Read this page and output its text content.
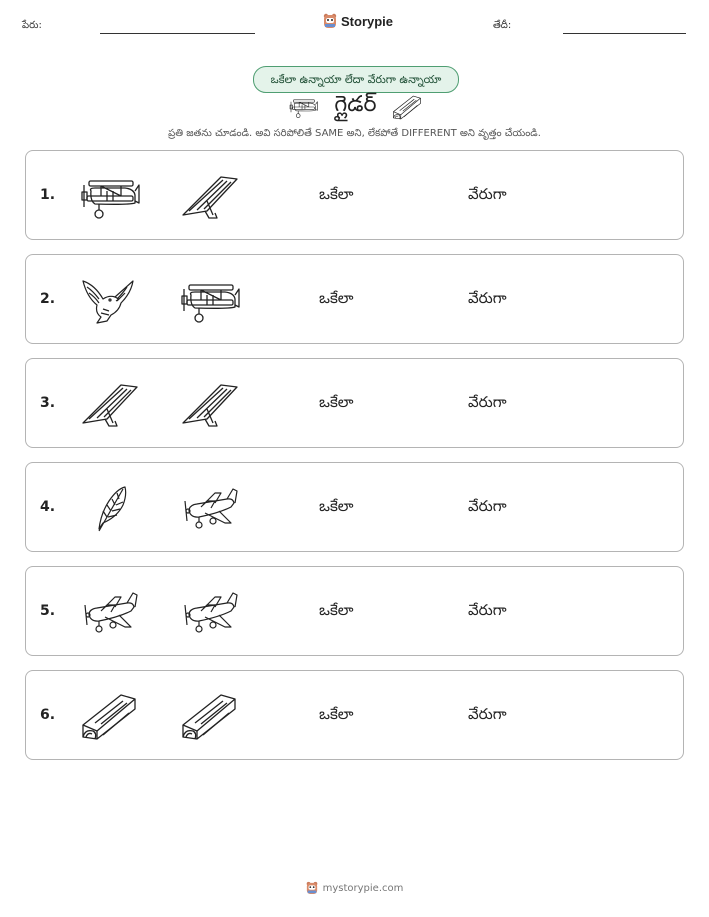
పేరు:	Storypie	తేదీ:
ఒకేలా ఉన్నాయా లేదా వేరుగా ఉన్నాయా
గ్లైడర్
ప్రతి జతను చూడండి. అవి సరిపోలితే SAME అని, లేకపోతే DIFFERENT అని వృత్తం చేయండి.
1.	ఒకేలా	వేరుగా
2.	ఒకేలా	వేరుగా
3.	ఒకేలా	వేరుగా
4.	ఒకేలా	వేరుగా
5.	ఒకేలా	వేరుగా
6.	ఒకేలా	వేరుగా
mystorypie.com
